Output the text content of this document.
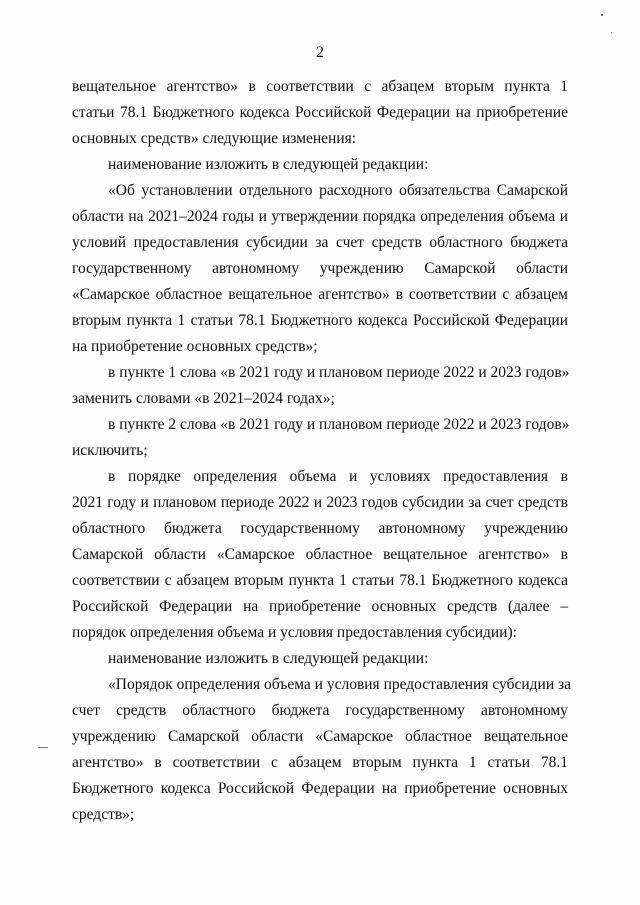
2
вещательное агентство» в соответствии с абзацем вторым пункта 1
статьи 78.1 Бюджетного кодекса Российской Федерации на приобретение
основных средств» следующие изменения:
наименование изложить в следующей редакции:
«Об установлении отдельного расходного обязательства Самарской
области на 2021–2024 годы и утверждении порядка определения объема и
условий предоставления субсидии за счет средств областного бюджета
государственному автономному учреждению Самарской области
«Самарское областное вещательное агентство» в соответствии с абзацем
вторым пункта 1 статьи 78.1 Бюджетного кодекса Российской Федерации
на приобретение основных средств»;
в пункте 1 слова «в 2021 году и плановом периоде 2022 и 2023 годов»
заменить словами «в 2021–2024 годах»;
в пункте 2 слова «в 2021 году и плановом периоде 2022 и 2023 годов»
исключить;
в порядке определения объема и условиях предоставления в
2021 году и плановом периоде 2022 и 2023 годов субсидии за счет средств
областного бюджета государственному автономному учреждению
Самарской области «Самарское областное вещательное агентство» в
соответствии с абзацем вторым пункта 1 статьи 78.1 Бюджетного кодекса
Российской Федерации на приобретение основных средств (далее –
порядок определения объема и условия предоставления субсидии):
наименование изложить в следующей редакции:
«Порядок определения объема и условия предоставления субсидии за
счет средств областного бюджета государственному автономному
учреждению Самарской области «Самарское областное вещательное
агентство» в соответствии с абзацем вторым пункта 1 статьи 78.1
Бюджетного кодекса Российской Федерации на приобретение основных
средств»;
